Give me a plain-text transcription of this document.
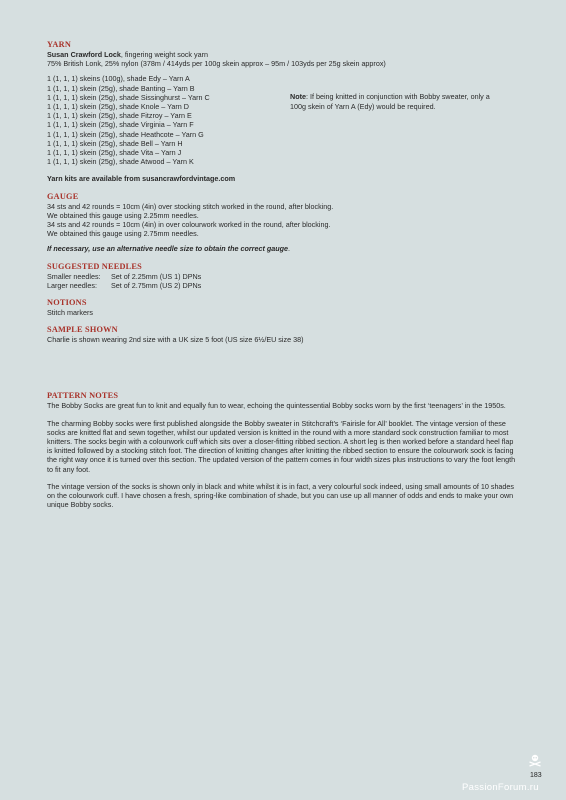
YARN
Susan Crawford Lock, fingering weight sock yarn
75% British Lonk, 25% nylon (378m / 414yds per 100g skein approx – 95m / 103yds per 25g skein approx)
1 (1, 1, 1) skeins (100g), shade Edy – Yarn A
1 (1, 1, 1) skein (25g), shade Banting – Yarn B
1 (1, 1, 1) skein (25g), shade Sissinghurst – Yarn C
1 (1, 1, 1) skein (25g), shade Knole – Yarn D
1 (1, 1, 1) skein (25g), shade Fitzroy – Yarn E
1 (1, 1, 1) skein (25g), shade Virginia – Yarn F
1 (1, 1, 1) skein (25g), shade Heathcote – Yarn G
1 (1, 1, 1) skein (25g), shade Bell – Yarn H
1 (1, 1, 1) skein (25g), shade Vita – Yarn J
1 (1, 1, 1) skein (25g), shade Atwood – Yarn K
Note: If being knitted in conjunction with Bobby sweater, only a 100g skein of Yarn A (Edy) would be required.
Yarn kits are available from susancrawfordvintage.com
GAUGE
34 sts and 42 rounds = 10cm (4in) over stocking stitch worked in the round, after blocking.
We obtained this gauge using 2.25mm needles.
34 sts and 42 rounds = 10cm (4in) in over colourwork worked in the round, after blocking.
We obtained this gauge using 2.75mm needles.
If necessary, use an alternative needle size to obtain the correct gauge.
SUGGESTED NEEDLES
Smaller needles: Set of 2.25mm (US 1) DPNs
Larger needles: Set of 2.75mm (US 2) DPNs
NOTIONS
Stitch markers
SAMPLE SHOWN
Charlie is shown wearing 2nd size with a UK size 5 foot (US size 6½/EU size 38)
PATTERN NOTES

The Bobby Socks are great fun to knit and equally fun to wear, echoing the quintessential Bobby socks worn by the first ‘teenagers’ in the 1950s.

The charming Bobby socks were first published alongside the Bobby sweater in Stitchcraft’s ‘Fairisle for All’ booklet. The vintage version of these socks are knitted flat and sewn together, whilst our updated version is knitted in the round with a more standard sock construction familiar to most knitters. The socks begin with a colourwork cuff which sits over a closer-fitting ribbed section. A short leg is then worked before a standard heel flap is knitted followed by a stocking stitch foot. The direction of knitting changes after knitting the ribbed section to ensure the colourwork sock is facing the right way once it is turned over this section. The updated version of the pattern comes in four width sizes plus instructions to vary the foot length to fit any foot.

The vintage version of the socks is shown only in black and white whilst it is in fact, a very colourful sock indeed, using small amounts of 10 shades on the colourwork cuff. I have chosen a fresh, spring-like combination of shade, but you can use up all manner of odds and ends to make your own unique Bobby socks.

183
PassionForum.ru
